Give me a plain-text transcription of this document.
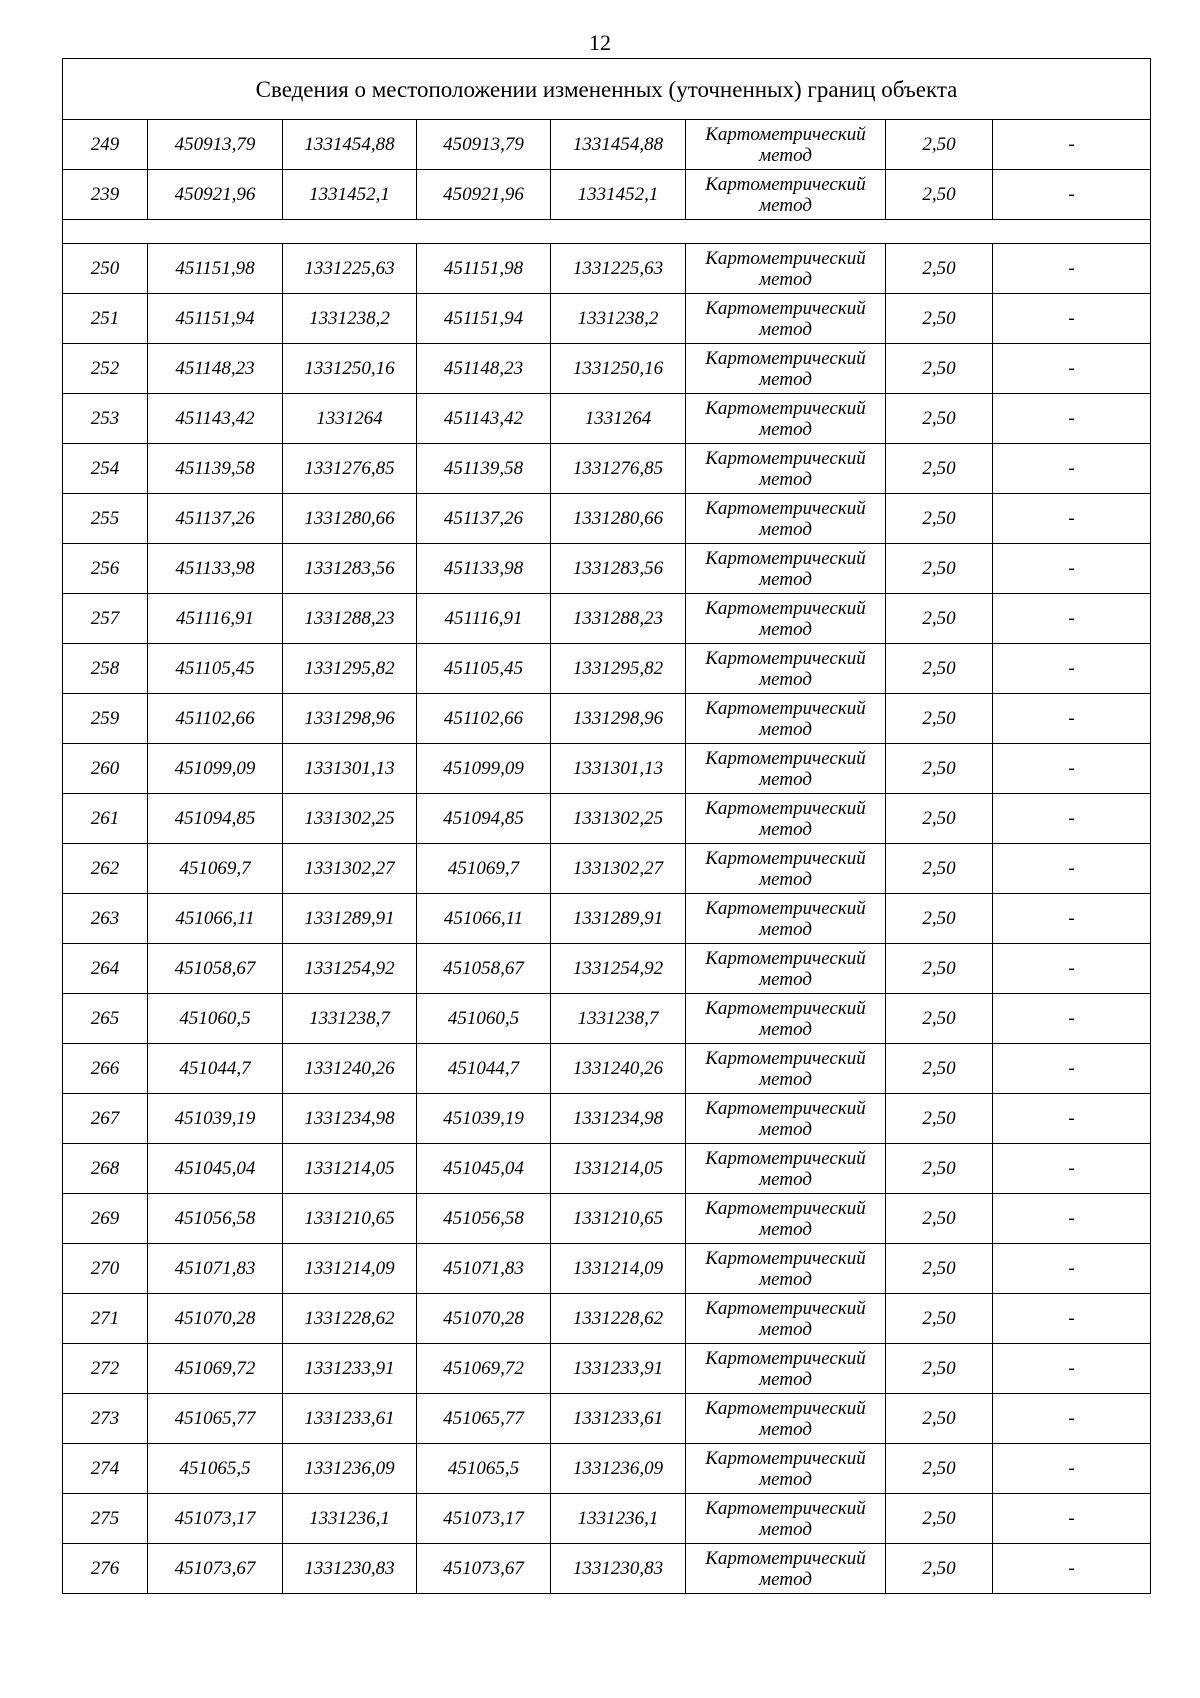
12
Сведения о местоположении измененных (уточненных) границ объекта							
249	450913,79	1331454,88	450913,79	1331454,88	Картометрический метод	2,50	-
239	450921,96	1331452,1	450921,96	1331452,1	Картометрический метод	2,50	-

250	451151,98	1331225,63	451151,98	1331225,63	Картометрический метод	2,50	-
251	451151,94	1331238,2	451151,94	1331238,2	Картометрический метод	2,50	-
252	451148,23	1331250,16	451148,23	1331250,16	Картометрический метод	2,50	-
253	451143,42	1331264	451143,42	1331264	Картометрический метод	2,50	-
254	451139,58	1331276,85	451139,58	1331276,85	Картометрический метод	2,50	-
255	451137,26	1331280,66	451137,26	1331280,66	Картометрический метод	2,50	-
256	451133,98	1331283,56	451133,98	1331283,56	Картометрический метод	2,50	-
257	451116,91	1331288,23	451116,91	1331288,23	Картометрический метод	2,50	-
258	451105,45	1331295,82	451105,45	1331295,82	Картометрический метод	2,50	-
259	451102,66	1331298,96	451102,66	1331298,96	Картометрический метод	2,50	-
260	451099,09	1331301,13	451099,09	1331301,13	Картометрический метод	2,50	-
261	451094,85	1331302,25	451094,85	1331302,25	Картометрический метод	2,50	-
262	451069,7	1331302,27	451069,7	1331302,27	Картометрический метод	2,50	-
263	451066,11	1331289,91	451066,11	1331289,91	Картометрический метод	2,50	-
264	451058,67	1331254,92	451058,67	1331254,92	Картометрический метод	2,50	-
265	451060,5	1331238,7	451060,5	1331238,7	Картометрический метод	2,50	-
266	451044,7	1331240,26	451044,7	1331240,26	Картометрический метод	2,50	-
267	451039,19	1331234,98	451039,19	1331234,98	Картометрический метод	2,50	-
268	451045,04	1331214,05	451045,04	1331214,05	Картометрический метод	2,50	-
269	451056,58	1331210,65	451056,58	1331210,65	Картометрический метод	2,50	-
270	451071,83	1331214,09	451071,83	1331214,09	Картометрический метод	2,50	-
271	451070,28	1331228,62	451070,28	1331228,62	Картометрический метод	2,50	-
272	451069,72	1331233,91	451069,72	1331233,91	Картометрический метод	2,50	-
273	451065,77	1331233,61	451065,77	1331233,61	Картометрический метод	2,50	-
274	451065,5	1331236,09	451065,5	1331236,09	Картометрический метод	2,50	-
275	451073,17	1331236,1	451073,17	1331236,1	Картометрический метод	2,50	-
276	451073,67	1331230,83	451073,67	1331230,83	Картометрический метод	2,50	-
